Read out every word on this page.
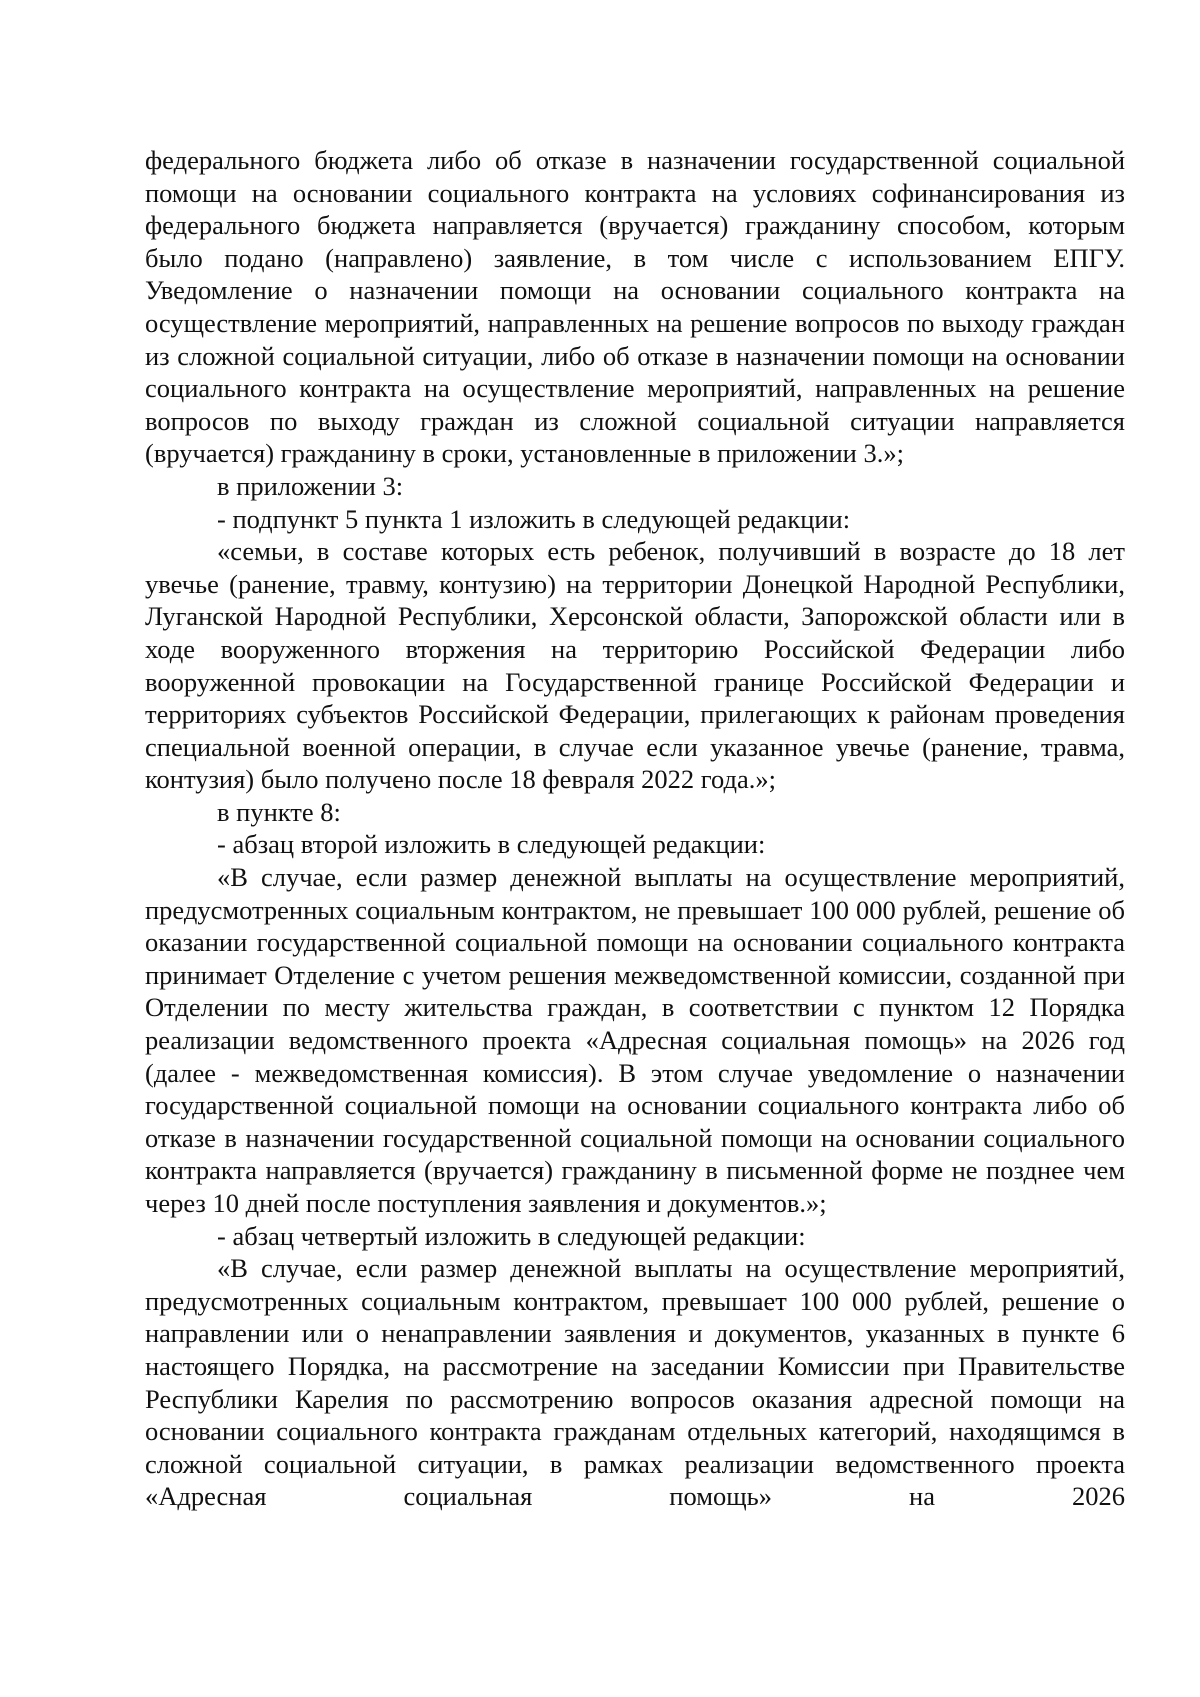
федерального бюджета либо об отказе в назначении государственной социальной помощи на основании социального контракта на условиях софинансирования из федерального бюджета направляется (вручается) гражданину способом, которым было подано (направлено) заявление, в том числе с использованием ЕПГУ. Уведомление о назначении помощи на основании социального контракта на осуществление мероприятий, направленных на решение вопросов по выходу граждан из сложной социальной ситуации, либо об отказе в назначении помощи на основании социального контракта на осуществление мероприятий, направленных на решение вопросов по выходу граждан из сложной социальной ситуации направляется (вручается) гражданину в сроки, установленные в приложении 3.»;

в приложении 3:

- подпункт 5 пункта 1 изложить в следующей редакции:

«семьи, в составе которых есть ребенок, получивший в возрасте до 18 лет увечье (ранение, травму, контузию) на территории Донецкой Народной Республики, Луганской Народной Республики, Херсонской области, Запорожской области или в ходе вооруженного вторжения на территорию Российской Федерации либо вооруженной провокации на Государственной границе Российской Федерации и территориях субъектов Российской Федерации, прилегающих к районам проведения специальной военной операции, в случае если указанное увечье (ранение, травма, контузия) было получено после 18 февраля 2022 года.»;

в пункте 8:

- абзац второй изложить в следующей редакции:

«В случае, если размер денежной выплаты на осуществление мероприятий, предусмотренных социальным контрактом, не превышает 100 000 рублей, решение об оказании государственной социальной помощи на основании социального контракта принимает Отделение с учетом решения межведомственной комиссии, созданной при Отделении по месту жительства граждан, в соответствии с пунктом 12 Порядка реализации ведомственного проекта «Адресная социальная помощь» на 2026 год (далее - межведомственная комиссия). В этом случае уведомление о назначении государственной социальной помощи на основании социального контракта либо об отказе в назначении государственной социальной помощи на основании социального контракта направляется (вручается) гражданину в письменной форме не позднее чем через 10 дней после поступления заявления и документов.»;

- абзац четвертый изложить в следующей редакции:

«В случае, если размер денежной выплаты на осуществление мероприятий, предусмотренных социальным контрактом, превышает 100 000 рублей, решение о направлении или о ненаправлении заявления и документов, указанных в пункте 6 настоящего Порядка, на рассмотрение на заседании Комиссии при Правительстве Республики Карелия по рассмотрению вопросов оказания адресной помощи на основании социального контракта гражданам отдельных категорий, находящимся в сложной социальной ситуации, в рамках реализации ведомственного проекта «Адресная социальная помощь» на 2026
